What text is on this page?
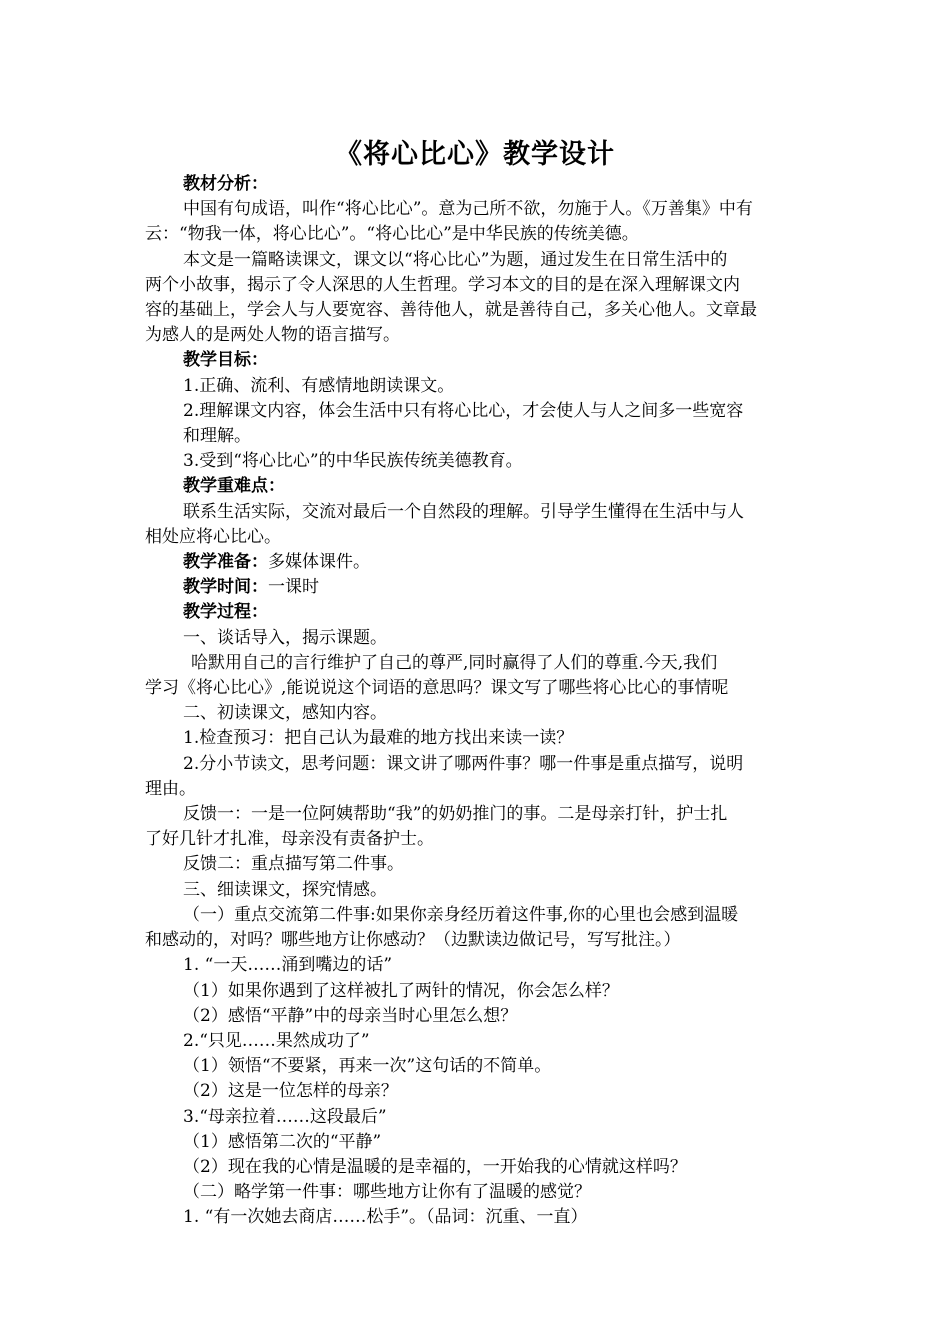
《将心比心》教学设计

教材分析：

中国有句成语，叫作“将心比心”。意为己所不欲，勿施于人。《万善集》中有

云：“物我一体，将心比心”。“将心比心”是中华民族的传统美德。

本文是一篇略读课文，课文以“将心比心”为题，通过发生在日常生活中的

两个小故事，揭示了令人深思的人生哲理。学习本文的目的是在深入理解课文内

容的基础上，学会人与人要宽容、善待他人，就是善待自己，多关心他人。文章最

为感人的是两处人物的语言描写。

教学目标：

1.正确、流利、有感情地朗读课文。

2.理解课文内容，体会生活中只有将心比心，才会使人与人之间多一些宽容

和理解。

3.受到“将心比心”的中华民族传统美德教育。

教学重难点：

联系生活实际，交流对最后一个自然段的理解。引导学生懂得在生活中与人

相处应将心比心。

教学准备：多媒体课件。

教学时间：一课时

教学过程：

一、谈话导入，揭示课题。

哈默用自己的言行维护了自己的尊严,同时赢得了人们的尊重.今天,我们

学习《将心比心》,能说说这个词语的意思吗？课文写了哪些将心比心的事情呢

二、初读课文，感知内容。

1.检查预习：把自己认为最难的地方找出来读一读？

2.分小节读文，思考问题：课文讲了哪两件事？哪一件事是重点描写，说明

理由。

反馈一：一是一位阿姨帮助“我”的奶奶推门的事。二是母亲打针，护士扎

了好几针才扎准，母亲没有责备护士。

反馈二：重点描写第二件事。

三、细读课文，探究情感。

（一）重点交流第二件事:如果你亲身经历着这件事,你的心里也会感到温暖

和感动的，对吗？哪些地方让你感动？（边默读边做记号，写写批注。）

1. “一天……涌到嘴边的话”

（1）如果你遇到了这样被扎了两针的情况，你会怎么样？

（2）感悟“平静”中的母亲当时心里怎么想？

2.“只见……果然成功了”

（1）领悟“不要紧，再来一次”这句话的不简单。

（2）这是一位怎样的母亲？

3.“母亲拉着……这段最后”

（1）感悟第二次的“平静”

（2）现在我的心情是温暖的是幸福的，一开始我的心情就这样吗？

（二）略学第一件事：哪些地方让你有了温暖的感觉？

1. “有一次她去商店……松手”。（品词：沉重、一直）
